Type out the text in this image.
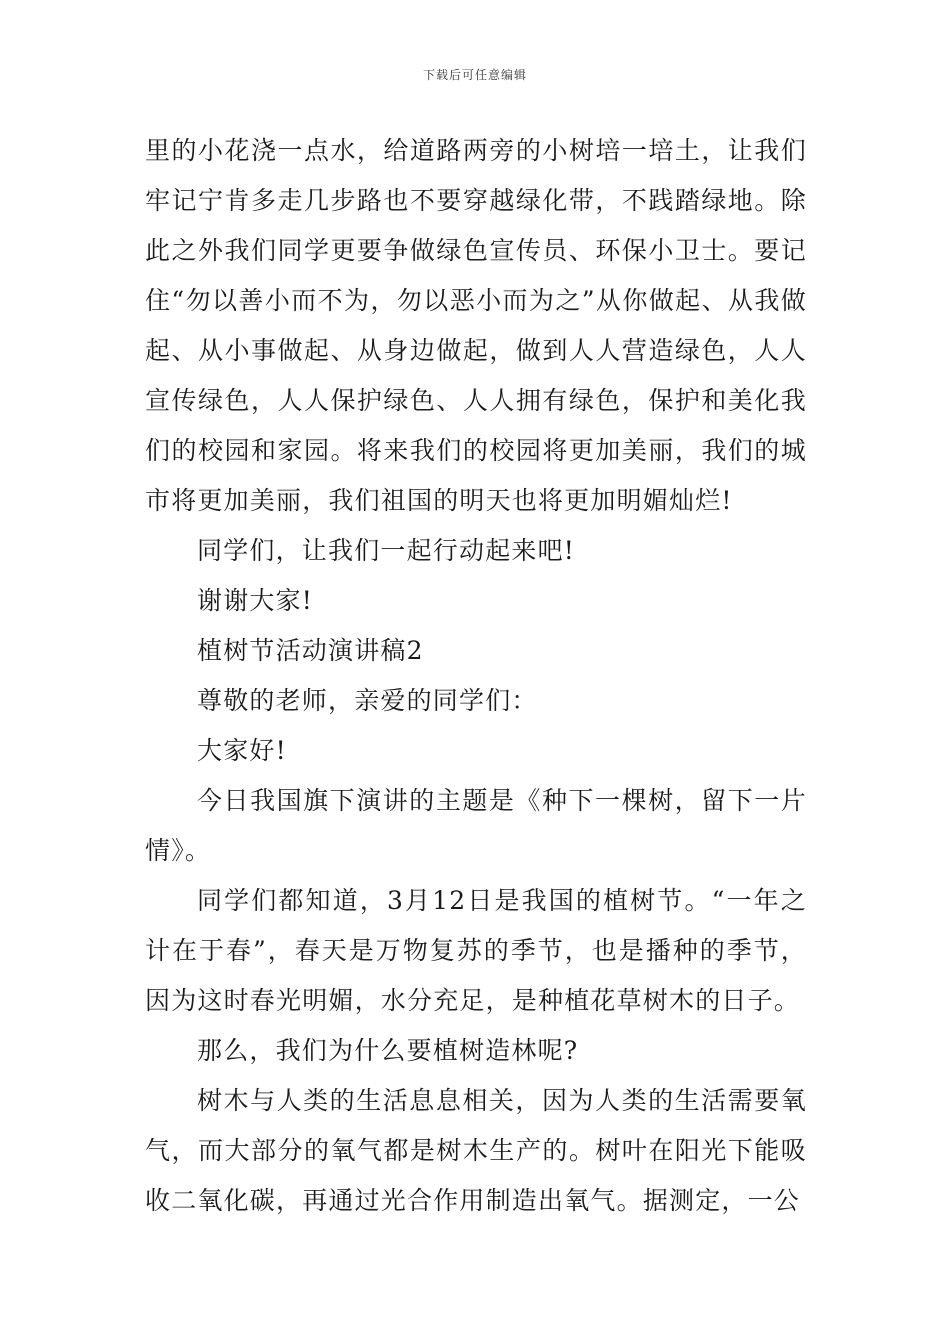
下载后可任意编辑

里的小花浇一点水，给道路两旁的小树培一培土，让我们牢记宁肯多走几步路也不要穿越绿化带，不践踏绿地。除此之外我们同学更要争做绿色宣传员、环保小卫士。要记住“勿以善小而不为，勿以恶小而为之”从你做起、从我做起、从小事做起、从身边做起，做到人人营造绿色，人人宣传绿色，人人保护绿色、人人拥有绿色，保护和美化我们的校园和家园。将来我们的校园将更加美丽，我们的城市将更加美丽，我们祖国的明天也将更加明媚灿烂!

同学们，让我们一起行动起来吧!

谢谢大家!

植树节活动演讲稿2

尊敬的老师，亲爱的同学们：

大家好!

今日我国旗下演讲的主题是《种下一棵树，留下一片情》。

同学们都知道，3月12日是我国的植树节。“一年之计在于春”，春天是万物复苏的季节，也是播种的季节，因为这时春光明媚，水分充足，是种植花草树木的日子。

那么，我们为什么要植树造林呢?

树木与人类的生活息息相关，因为人类的生活需要氧气，而大部分的氧气都是树木生产的。树叶在阳光下能吸收二氧化碳，再通过光合作用制造出氧气。据测定，一公
